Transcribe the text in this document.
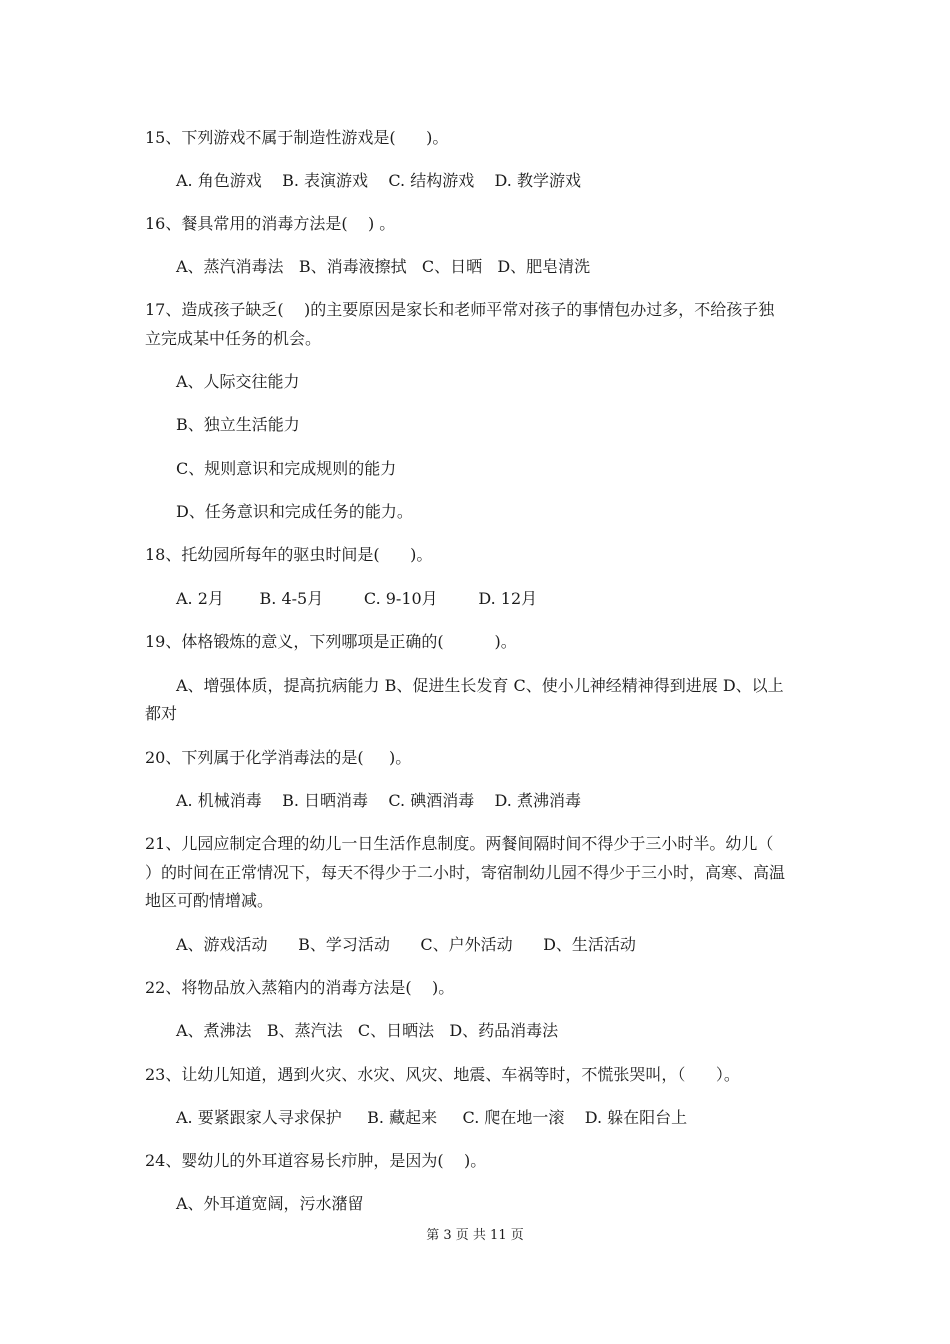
15、下列游戏不属于制造性游戏是(      )。
A. 角色游戏    B. 表演游戏    C. 结构游戏    D. 教学游戏
16、餐具常用的消毒方法是(    ) 。
A、蒸汽消毒法   B、消毒液擦拭   C、日晒   D、肥皂清洗
17、造成孩子缺乏(    )的主要原因是家长和老师平常对孩子的事情包办过多，不给孩子独
立完成某中任务的机会。
A、人际交往能力
B、独立生活能力
C、规则意识和完成规则的能力
D、任务意识和完成任务的能力。
18、托幼园所每年的驱虫时间是(      )。
A. 2月       B. 4-5月        C. 9-10月        D. 12月
19、体格锻炼的意义，下列哪项是正确的(          )。
A、增强体质，提高抗病能力 B、促进生长发育 C、使小儿神经精神得到进展 D、以上
都对
20、下列属于化学消毒法的是(     )。
A. 机械消毒    B. 日晒消毒    C. 碘酒消毒    D. 煮沸消毒
21、儿园应制定合理的幼儿一日生活作息制度。两餐间隔时间不得少于三小时半。幼儿（
）的时间在正常情况下，每天不得少于二小时，寄宿制幼儿园不得少于三小时，高寒、高温
地区可酌情增减。
A、游戏活动      B、学习活动      C、户外活动      D、生活活动
22、将物品放入蒸箱内的消毒方法是(    )。
A、煮沸法   B、蒸汽法   C、日晒法   D、药品消毒法
23、让幼儿知道，遇到火灾、水灾、风灾、地震、车祸等时，不慌张哭叫，（      ）。
A. 要紧跟家人寻求保护     B. 藏起来     C. 爬在地一滚    D. 躲在阳台上
24、婴幼儿的外耳道容易长疖肿，是因为(    )。
A、外耳道宽阔，污水潴留
第 3 页 共 11 页
